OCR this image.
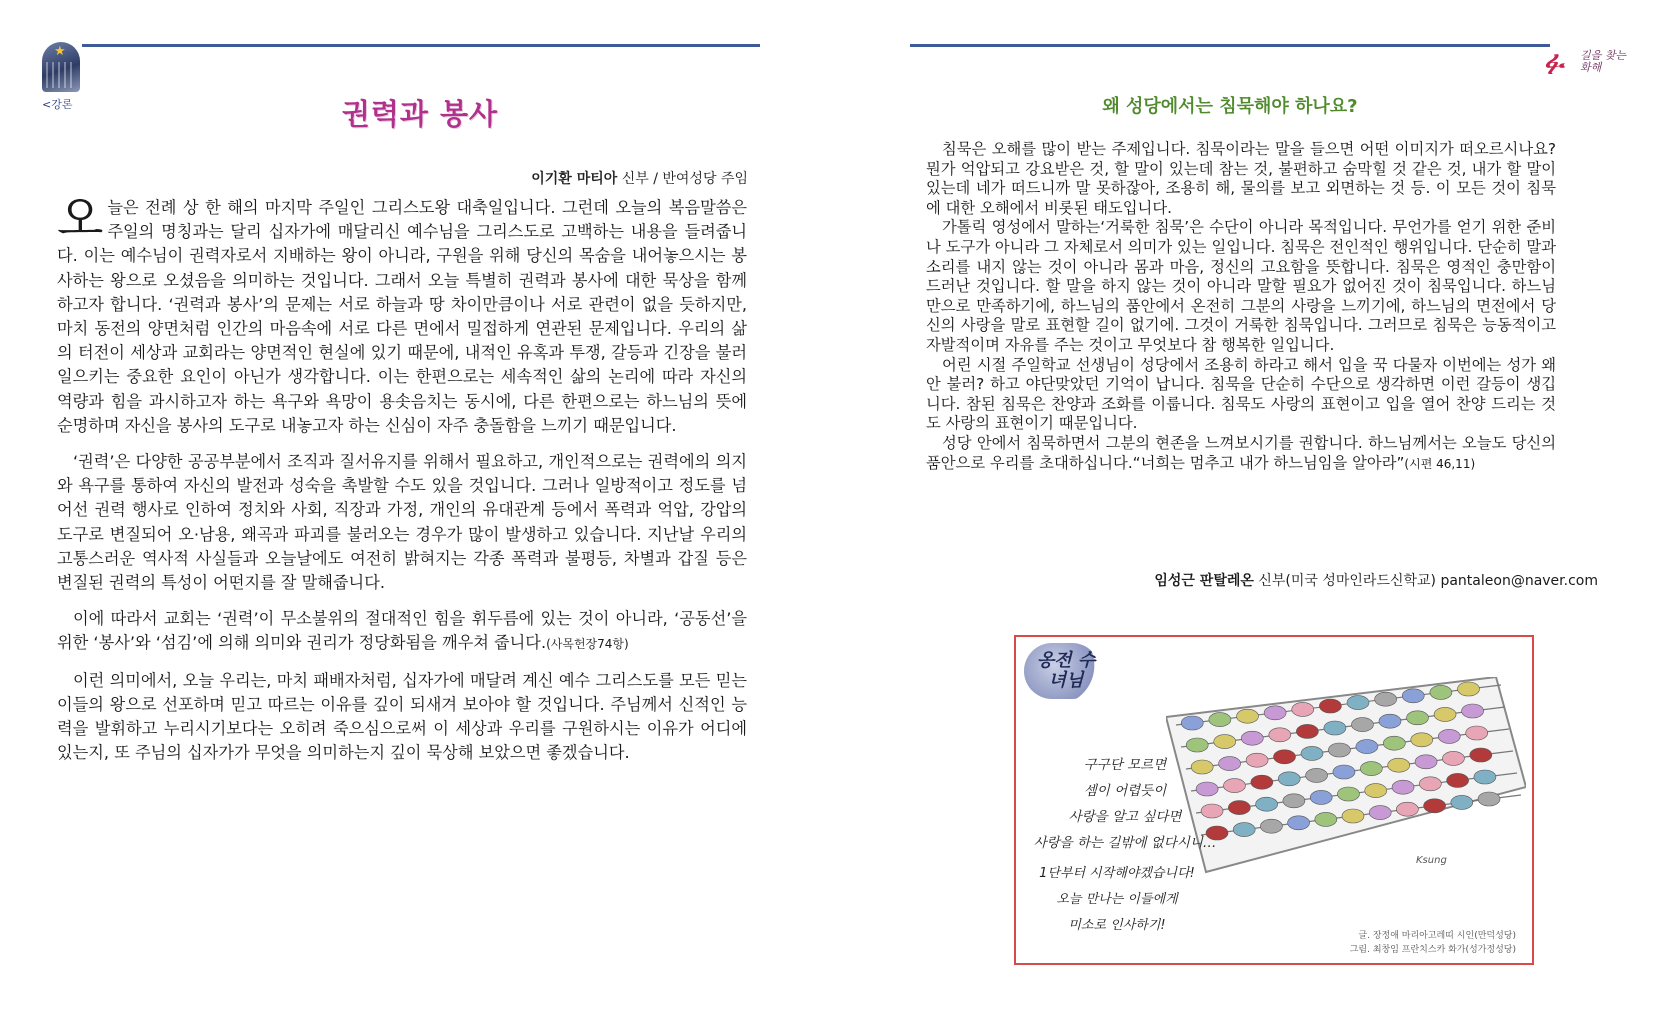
★
<강론	권력과 봉사
이기환 마티아 신부 / 반여성당 주임

오늘은 전례 상 한 해의 마지막 주일인 그리스도왕 대축일입니다. 그런데 오늘의 복음말씀은 주일의 명칭과는 달리 십자가에 매달리신 예수님을 그리스도로 고백하는 내용을 들려줍니다. 이는 예수님이 권력자로서 지배하는 왕이 아니라, 구원을 위해 당신의 목숨을 내어놓으시는 봉사하는 왕으로 오셨음을 의미하는 것입니다. 그래서 오늘 특별히 권력과 봉사에 대한 묵상을 함께 하고자 합니다. ‘권력과 봉사’의 문제는 서로 하늘과 땅 차이만큼이나 서로 관련이 없을 듯하지만, 마치 동전의 양면처럼 인간의 마음속에 서로 다른 면에서 밀접하게 연관된 문제입니다. 우리의 삶의 터전이 세상과 교회라는 양면적인 현실에 있기 때문에, 내적인 유혹과 투쟁, 갈등과 긴장을 불러일으키는 중요한 요인이 아닌가 생각합니다. 이는 한편으로는 세속적인 삶의 논리에 따라 자신의 역량과 힘을 과시하고자 하는 욕구와 욕망이 용솟음치는 동시에, 다른 한편으로는 하느님의 뜻에 순명하며 자신을 봉사의 도구로 내놓고자 하는 신심이 자주 충돌함을 느끼기 때문입니다.

‘권력’은 다양한 공공부분에서 조직과 질서유지를 위해서 필요하고, 개인적으로는 권력에의 의지와 욕구를 통하여 자신의 발전과 성숙을 촉발할 수도 있을 것입니다. 그러나 일방적이고 정도를 넘어선 권력 행사로 인하여 정치와 사회, 직장과 가정, 개인의 유대관계 등에서 폭력과 억압, 강압의 도구로 변질되어 오·남용, 왜곡과 파괴를 불러오는 경우가 많이 발생하고 있습니다. 지난날 우리의 고통스러운 역사적 사실들과 오늘날에도 여전히 밝혀지는 각종 폭력과 불평등, 차별과 갑질 등은 변질된 권력의 특성이 어떤지를 잘 말해줍니다.

이에 따라서 교회는 ‘권력’이 무소불위의 절대적인 힘을 휘두름에 있는 것이 아니라, ‘공동선’을 위한 ‘봉사’와 ‘섬김’에 의해 의미와 권리가 정당화됨을 깨우쳐 줍니다.(사목헌장74항)

이런 의미에서, 오늘 우리는, 마치 패배자처럼, 십자가에 매달려 계신 예수 그리스도를 모든 믿는 이들의 왕으로 선포하며 믿고 따르는 이유를 깊이 되새겨 보아야 할 것입니다. 주님께서 신적인 능력을 발휘하고 누리시기보다는 오히려 죽으심으로써 이 세상과 우리를 구원하시는 이유가 어디에 있는지, 또 주님의 십자가가 무엇을 의미하는지 깊이 묵상해 보았으면 좋겠습니다.

ፉ 길을 찾는 화해
왜 성당에서는 침묵해야 하나요?

침묵은 오해를 많이 받는 주제입니다. 침묵이라는 말을 들으면 어떤 이미지가 떠오르시나요? 뭔가 억압되고 강요받은 것, 할 말이 있는데 참는 것, 불편하고 숨막힐 것 같은 것, 내가 할 말이 있는데 네가 떠드니까 말 못하잖아, 조용히 해, 물의를 보고 외면하는 것 등. 이 모든 것이 침묵에 대한 오해에서 비롯된 태도입니다.

가톨릭 영성에서 말하는‘거룩한 침묵’은 수단이 아니라 목적입니다. 무언가를 얻기 위한 준비나 도구가 아니라 그 자체로서 의미가 있는 일입니다. 침묵은 전인적인 행위입니다. 단순히 말과 소리를 내지 않는 것이 아니라 몸과 마음, 정신의 고요함을 뜻합니다. 침묵은 영적인 충만함이 드러난 것입니다. 할 말을 하지 않는 것이 아니라 말할 필요가 없어진 것이 침묵입니다. 하느님만으로 만족하기에, 하느님의 품안에서 온전히 그분의 사랑을 느끼기에, 하느님의 면전에서 당신의 사랑을 말로 표현할 길이 없기에. 그것이 거룩한 침묵입니다. 그러므로 침묵은 능동적이고 자발적이며 자유를 주는 것이고 무엇보다 참 행복한 일입니다.

어린 시절 주일학교 선생님이 성당에서 조용히 하라고 해서 입을 꾹 다물자 이번에는 성가 왜 안 불러? 하고 야단맞았던 기억이 납니다. 침묵을 단순히 수단으로 생각하면 이런 갈등이 생깁니다. 참된 침묵은 찬양과 조화를 이룹니다. 침묵도 사랑의 표현이고 입을 열어 찬양 드리는 것도 사랑의 표현이기 때문입니다.

성당 안에서 침묵하면서 그분의 현존을 느껴보시기를 권합니다. 하느님께서는 오늘도 당신의 품안으로 우리를 초대하십니다.“너희는 멈추고 내가 하느님임을 알아라”(시편 46,11)

임성근 판탈레온 신부(미국 성마인라드신학교) pantaleon@naver.com
옹전 수녀님
구구단 모르면
셈이 어렵듯이
사랑을 알고 싶다면
사랑을 하는 길밖에 없다시니…
1단부터 시작해야겠습니다!
오늘 만나는 이들에게
미소로 인사하기!
Ksung
글. 장정애 마리아고레띠 시인(만덕성당)
그림. 최창임 프란치스카 화가(성가정성당)
